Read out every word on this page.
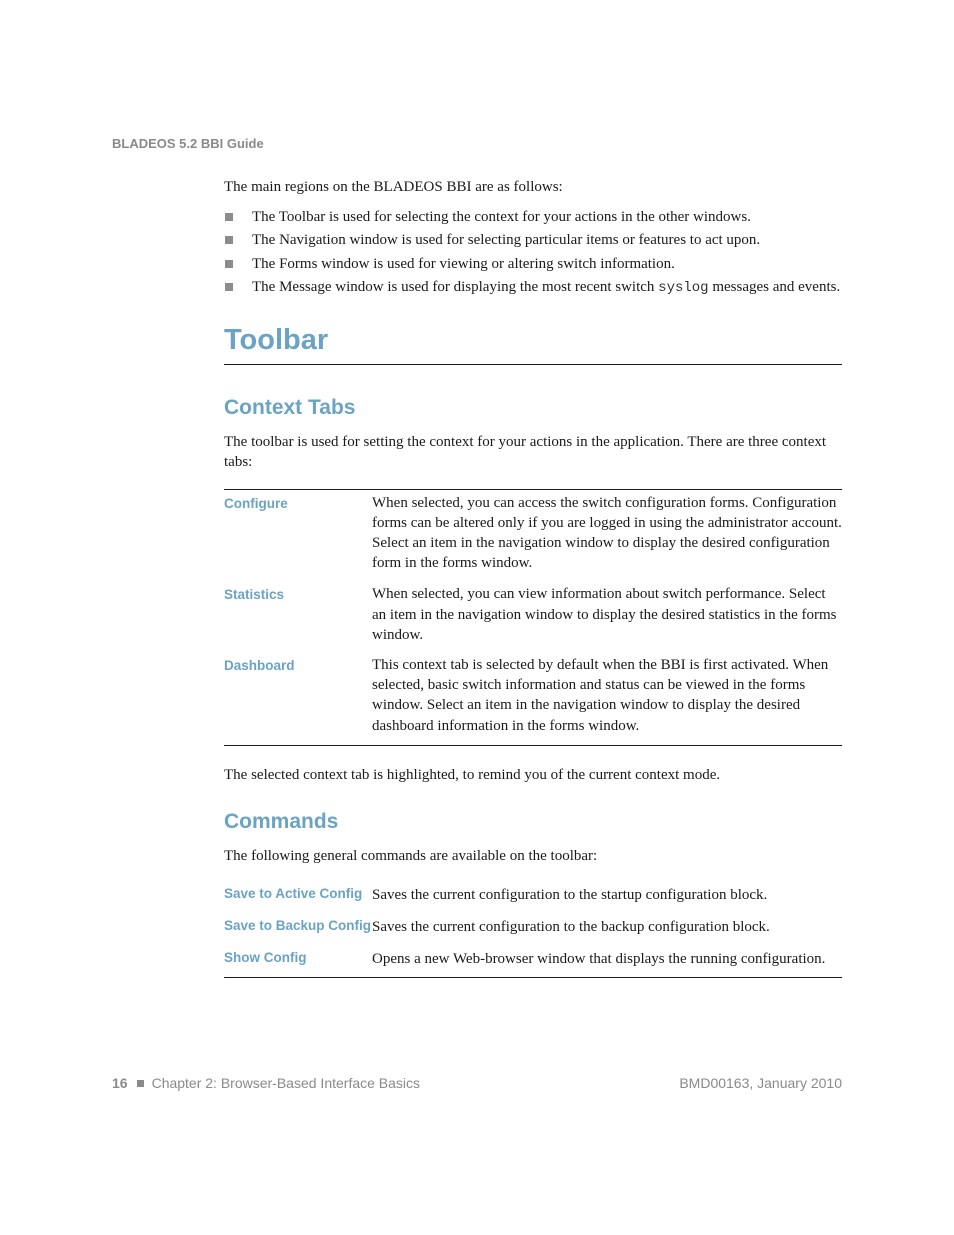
BLADEOS 5.2 BBI Guide

The main regions on the BLADEOS BBI are as follows:

The Toolbar is used for selecting the context for your actions in the other windows.
The Navigation window is used for selecting particular items or features to act upon.
The Forms window is used for viewing or altering switch information.
The Message window is used for displaying the most recent switch syslog messages and events.
Toolbar
Context Tabs

The toolbar is used for setting the context for your actions in the application. There are three context tabs:

Configure	When selected, you can access the switch configuration forms. Configuration forms can be altered only if you are logged in using the administrator account. Select an item in the navigation window to display the desired configuration form in the forms window.
Statistics	When selected, you can view information about switch performance. Select an item in the navigation window to display the desired statistics in the forms window.
Dashboard	This context tab is selected by default when the BBI is first activated. When selected, basic switch information and status can be viewed in the forms window. Select an item in the navigation window to display the desired dashboard information in the forms window.

The selected context tab is highlighted, to remind you of the current context mode.

Commands

The following general commands are available on the toolbar:

Save to Active Config	Saves the current configuration to the startup configuration block.
Save to Backup Config	Saves the current configuration to the backup configuration block.
Show Config	Opens a new Web-browser window that displays the running configuration.
16 Chapter 2: Browser-Based Interface Basics	BMD00163, January 2010
